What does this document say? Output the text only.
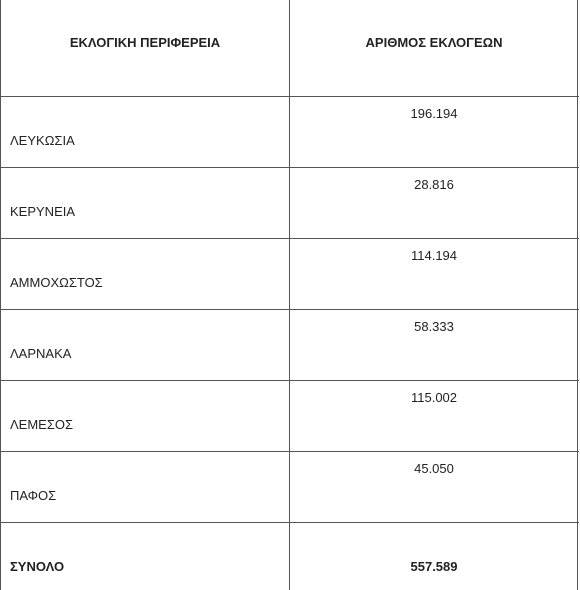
ΕΚΛΟΓΙΚΗ ΠΕΡΙΦΕΡΕΙΑ	ΑΡΙΘΜΟΣ ΕΚΛΟΓΕΩΝ
ΛΕΥΚΩΣΙΑ
196.194
ΚΕΡΥΝΕΙΑ
28.816
ΑΜΜΟΧΩΣΤΟΣ
114.194
ΛΑΡΝΑΚΑ
58.333
ΛΕΜΕΣΟΣ
115.002
ΠΑΦΟΣ
45.050
ΣΥΝΟΛΟ	557.589
